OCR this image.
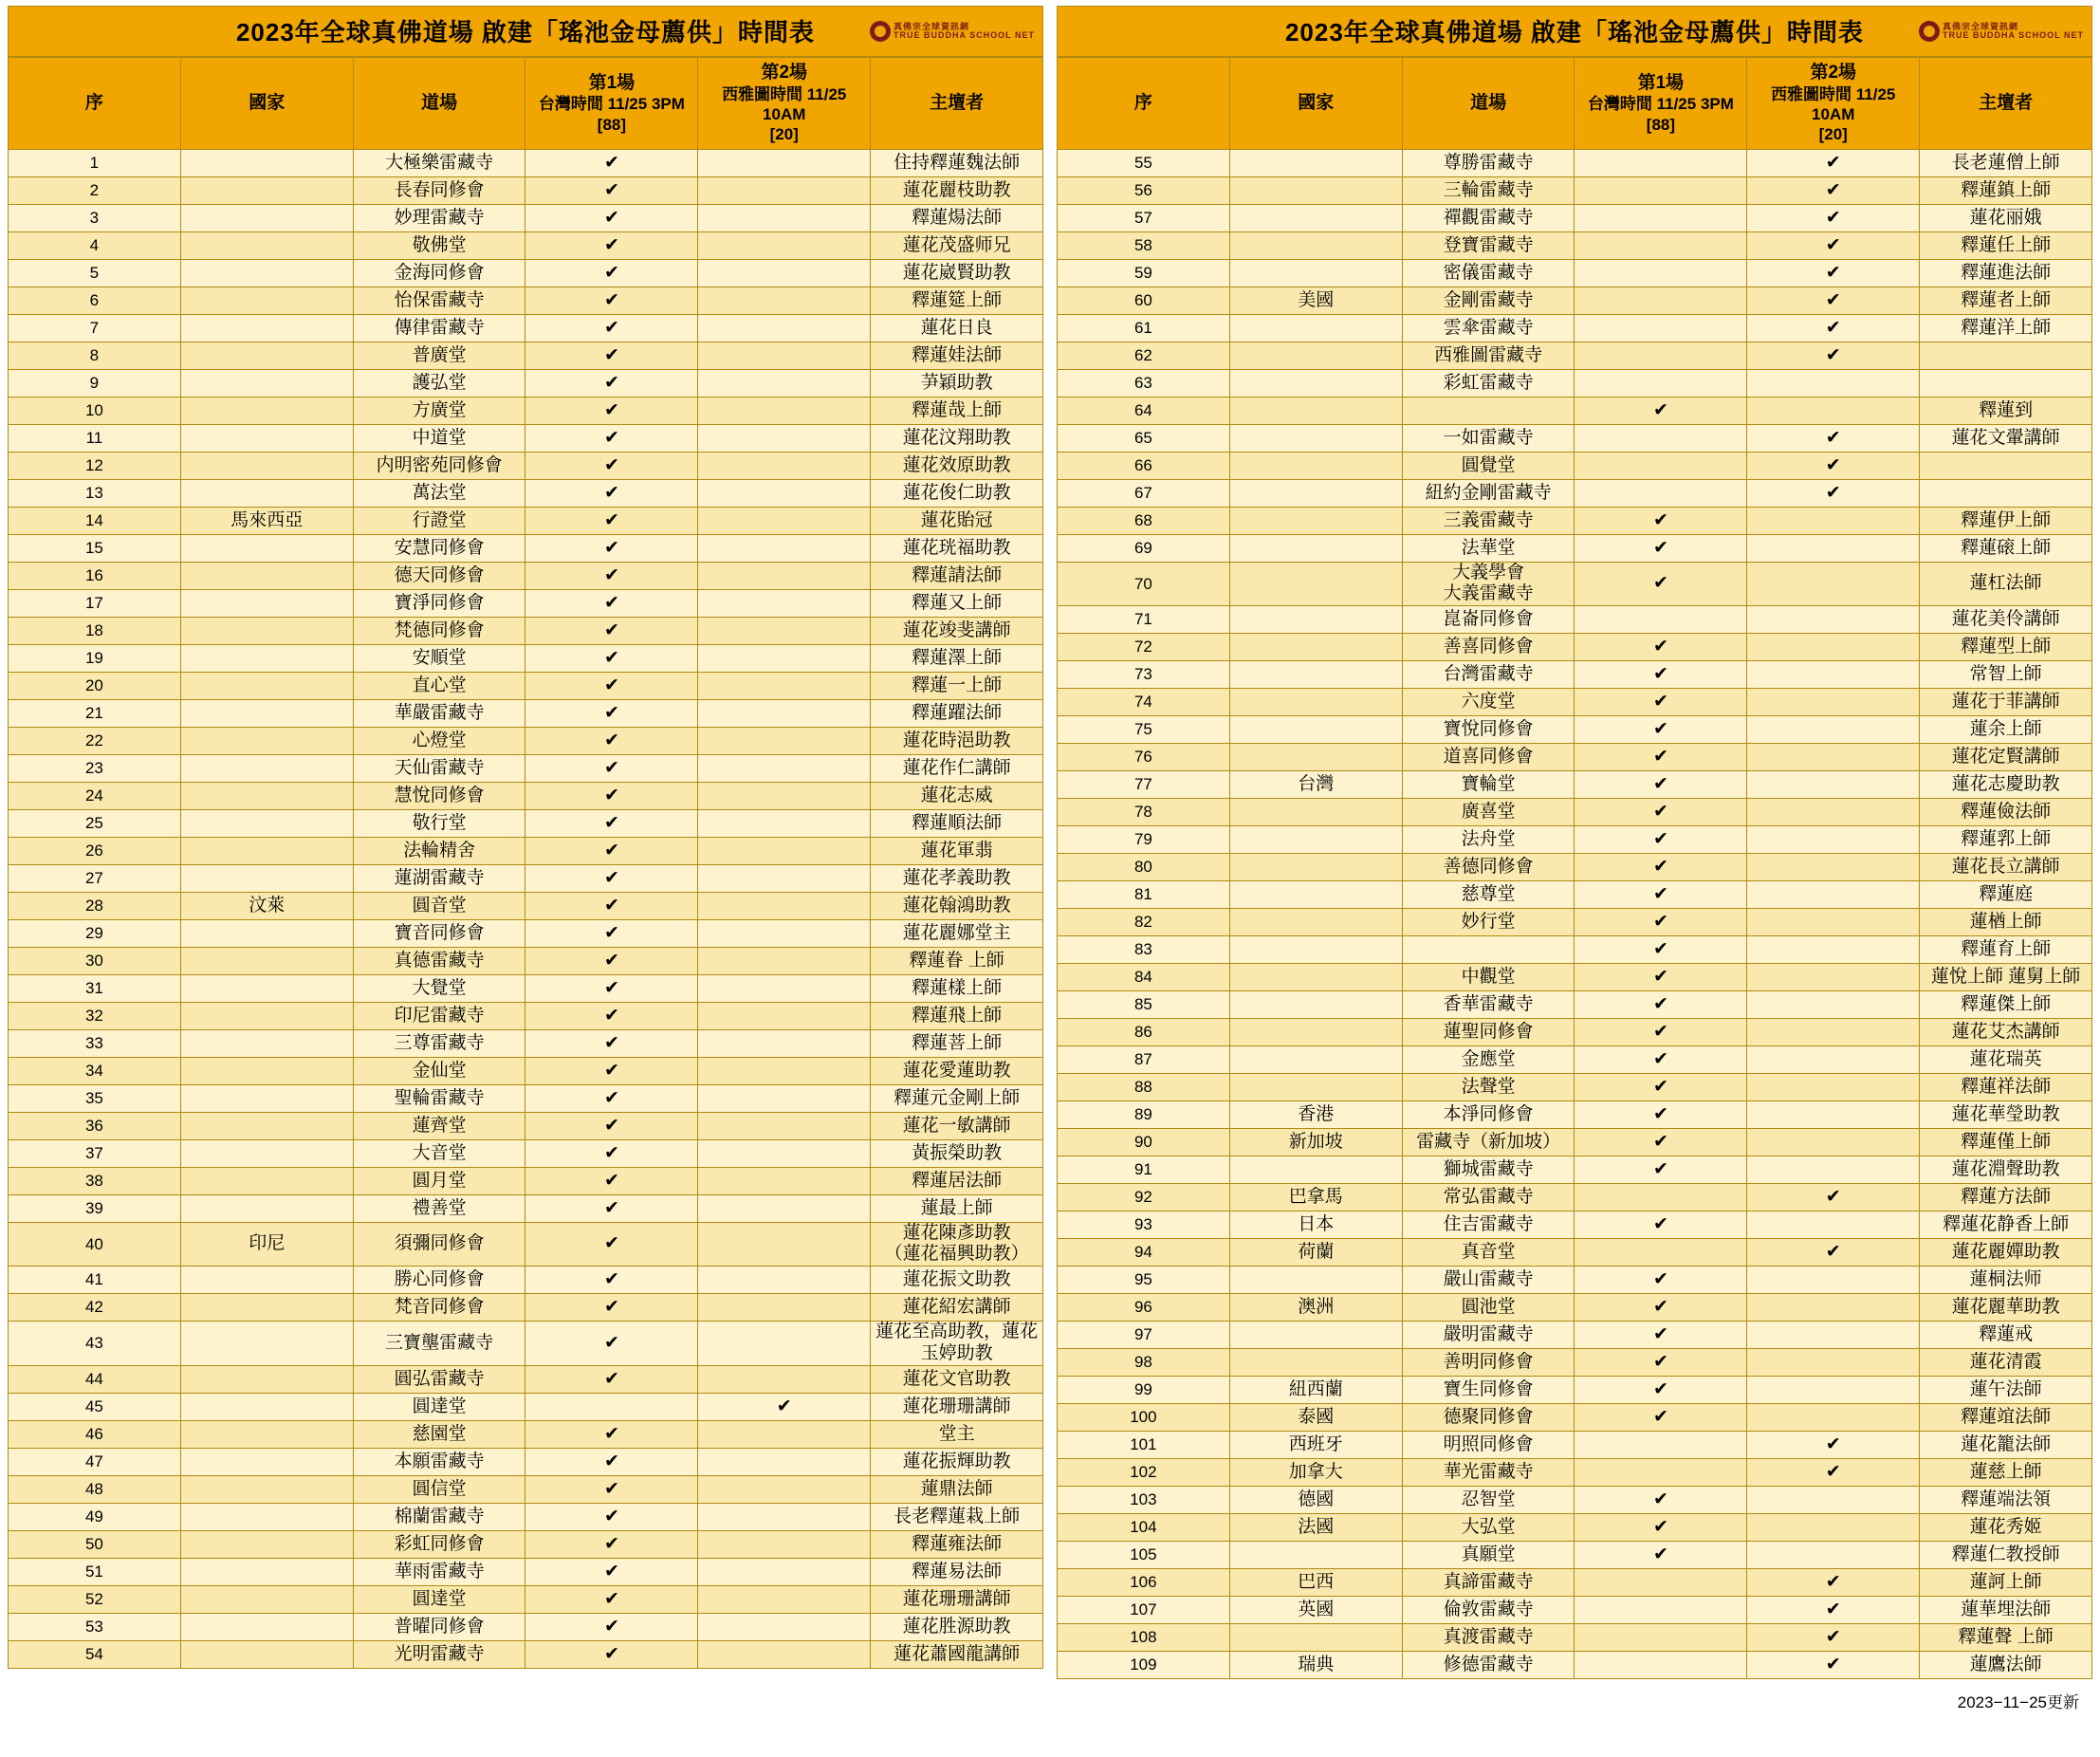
2023年全球真佛道場 啟建「瑤池金母薦供」時間表	真佛宗全球資訊網
TRUE BUDDHA SCHOOL NET
序	國家	道場	第1場
台灣時間 11/25 3PM
[88]	第2場
西雅圖時間 11/25 10AM
[20]	主壇者
1		大極樂雷藏寺	✔		住持釋蓮魏法師
2		長春同修會	✔		蓮花麗枝助教
3		妙理雷藏寺	✔		釋蓮煬法師
4		敬佛堂	✔		蓮花茂盛师兄
5		金海同修會	✔		蓮花崴賢助教
6		怡保雷藏寺	✔		釋蓮筵上師
7		傳律雷藏寺	✔		蓮花日良
8		普廣堂	✔		釋蓮娃法師
9		護弘堂	✔		芛穎助教
10		方廣堂	✔		釋蓮哉上師
11		中道堂	✔		蓮花汶翔助教
12		内明密苑同修會	✔		蓮花效原助教
13		萬法堂	✔		蓮花俊仁助教
14	馬來西亞	行證堂	✔		蓮花貽冠
15		安慧同修會	✔		蓮花珖福助教
16		德天同修會	✔		釋蓮請法師
17		寶淨同修會	✔		釋蓮又上師
18		梵德同修會	✔		蓮花竣斐講師
19		安順堂	✔		釋蓮澤上師
20		直心堂	✔		釋蓮一上師
21		華嚴雷藏寺	✔		釋蓮躍法師
22		心燈堂	✔		蓮花時浥助教
23		天仙雷藏寺	✔		蓮花作仁講師
24		慧悅同修會	✔		蓮花志威
25		敬行堂	✔		釋蓮順法師
26		法輪精舍	✔		蓮花軍翡
27		蓮湖雷藏寺	✔		蓮花孝義助教
28	汶萊	圓音堂	✔		蓮花翰鴻助教
29		寶音同修會	✔		蓮花麗娜堂主
30		真德雷藏寺	✔		釋蓮眷 上師
31		大覺堂	✔		釋蓮樣上師
32		印尼雷藏寺	✔		釋蓮飛上師
33		三尊雷藏寺	✔		釋蓮菩上師
34		金仙堂	✔		蓮花愛蓮助教
35		聖輪雷藏寺	✔		釋蓮元金剛上師
36		蓮齊堂	✔		蓮花一敏講師
37		大音堂	✔		黃振榮助教
38		圓月堂	✔		釋蓮居法師
39		禮善堂	✔		蓮最上師
40	印尼	須彌同修會	✔		蓮花陳彥助教
（蓮花福興助教）
41		勝心同修會	✔		蓮花振文助教
42		梵音同修會	✔		蓮花紹宏講師
43		三寶壟雷藏寺	✔		蓮花至高助教，蓮花
玉婷助教
44		圓弘雷藏寺	✔		蓮花文官助教
45		圓達堂		✔	蓮花珊珊講師
46		慈園堂	✔		堂主
47		本願雷藏寺	✔		蓮花振輝助教
48		圓信堂	✔		蓮鼎法師
49		棉蘭雷藏寺	✔		長老釋蓮栽上師
50		彩虹同修會	✔		釋蓮雍法師
51		華雨雷藏寺	✔		釋蓮易法師
52		圓達堂	✔		蓮花珊珊講師
53		普曜同修會	✔		蓮花胜源助教
54		光明雷藏寺	✔		蓮花蕭國龍講師
2023年全球真佛道場 啟建「瑤池金母薦供」時間表	真佛宗全球資訊網
TRUE BUDDHA SCHOOL NET
序	國家	道場	第1場
台灣時間 11/25 3PM
[88]	第2場
西雅圖時間 11/25 10AM
[20]	主壇者
55		尊勝雷藏寺		✔	長老蓮僧上師
56		三輪雷藏寺		✔	釋蓮鎮上師
57		禪觀雷藏寺		✔	蓮花丽娥
58		登寶雷藏寺		✔	釋蓮任上師
59		密儀雷藏寺		✔	釋蓮進法師
60	美國	金剛雷藏寺		✔	釋蓮者上師
61		雲傘雷藏寺		✔	釋蓮洋上師
62		西雅圖雷藏寺		✔	
63		彩虹雷藏寺			
64			✔		釋蓮到
65		一如雷藏寺		✔	蓮花文翬講師
66		圓覺堂		✔	
67		紐約金剛雷藏寺		✔	
68		三義雷藏寺	✔		釋蓮伊上師
69		法華堂	✔		釋蓮磙上師
70		大義學會
大義雷藏寺	✔		蓮杠法師
71		崑崙同修會			蓮花美伶講師
72		善喜同修會	✔		釋蓮型上師
73		台灣雷藏寺	✔		常智上師
74		六度堂	✔		蓮花于菲講師
75		寶悅同修會	✔		蓮余上師
76		道喜同修會	✔		蓮花定賢講師
77	台灣	寶輪堂	✔		蓮花志慶助教
78		廣喜堂	✔		釋蓮儉法師
79		法舟堂	✔		釋蓮郛上師
80		善德同修會	✔		蓮花長立講師
81		慈尊堂	✔		釋蓮庭
82		妙行堂	✔		蓮楢上師
83			✔		釋蓮育上師
84		中觀堂	✔		蓮悅上師 蓮舅上師
85		香華雷藏寺	✔		釋蓮傑上師
86		蓮聖同修會	✔		蓮花艾杰講師
87		金應堂	✔		蓮花瑞英
88		法聲堂	✔		釋蓮祥法師
89	香港	本淨同修會	✔		蓮花華瑩助教
90	新加坡	雷藏寺（新加坡）	✔		釋蓮僅上師
91		獅城雷藏寺	✔		蓮花淵聲助教
92	巴拿馬	常弘雷藏寺		✔	釋蓮方法師
93	日本	住吉雷藏寺	✔		釋蓮花静香上師
94	荷蘭	真音堂		✔	蓮花麗嬋助教
95		嚴山雷藏寺	✔		蓮桐法师
96	澳洲	圓池堂	✔		蓮花麗華助教
97		嚴明雷藏寺	✔		釋蓮戒
98		善明同修會	✔		蓮花清霞
99	紐西蘭	寶生同修會	✔		蓮午法師
100	泰國	德聚同修會	✔		釋蓮竩法師
101	西班牙	明照同修會		✔	蓮花籠法師
102	加拿大	華光雷藏寺		✔	蓮慈上師
103	德國	忍智堂	✔		釋蓮端法領
104	法國	大弘堂	✔		蓮花秀姬
105		真願堂	✔		釋蓮仁教授師
106	巴西	真諦雷藏寺		✔	蓮訶上師
107	英國	倫敦雷藏寺		✔	蓮華埋法師
108		真渡雷藏寺		✔	釋蓮聲 上師
109	瑞典	修德雷藏寺		✔	蓮鷹法師
2023−11−25更新
